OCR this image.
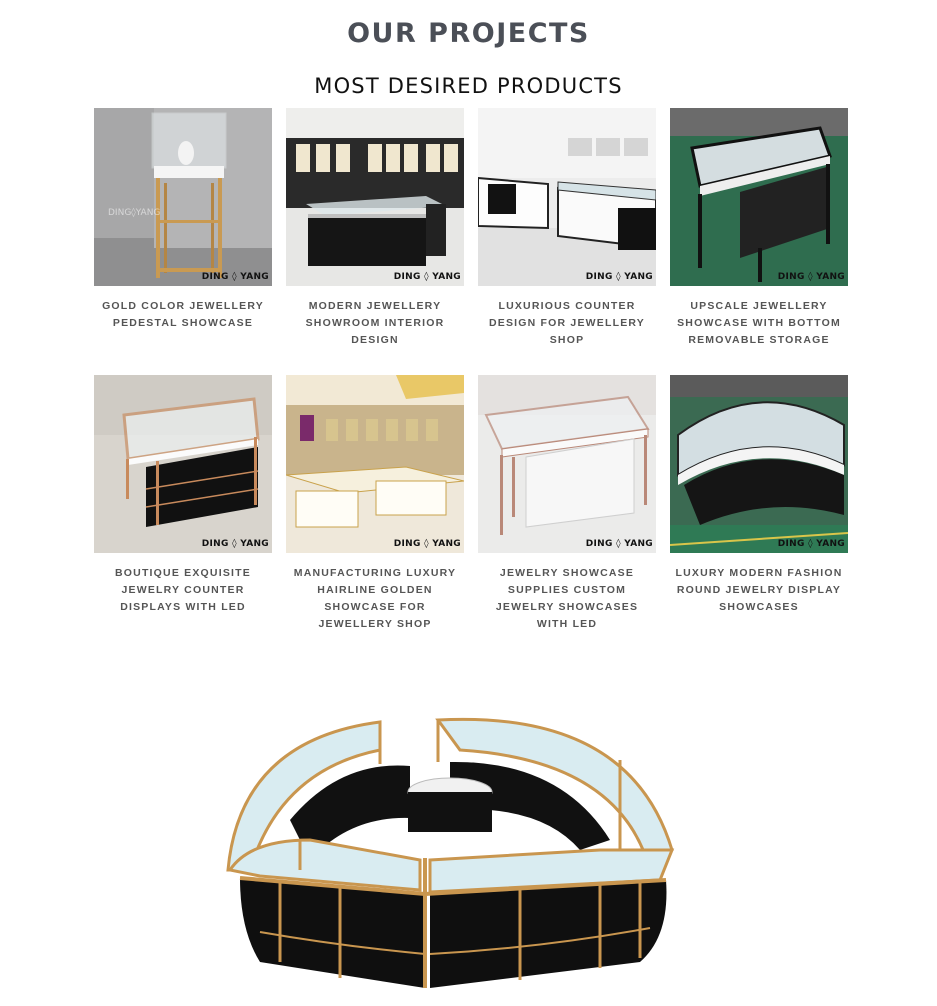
OUR PROJECTS
MOST DESIRED PRODUCTS
DING◊YANG
DING ◊ YANG
GOLD COLOR JEWELLERY PEDESTAL SHOWCASE
DING ◊ YANG
MODERN JEWELLERY SHOWROOM INTERIOR DESIGN
DING ◊ YANG
LUXURIOUS COUNTER DESIGN FOR JEWELLERY SHOP
DING ◊ YANG
UPSCALE JEWELLERY SHOWCASE WITH BOTTOM REMOVABLE STORAGE
DING ◊ YANG
BOUTIQUE EXQUISITE JEWELRY COUNTER DISPLAYS WITH LED
DING ◊ YANG
MANUFACTURING LUXURY HAIRLINE GOLDEN SHOWCASE FOR JEWELLERY SHOP
DING ◊ YANG
JEWELRY SHOWCASE SUPPLIES CUSTOM JEWELRY SHOWCASES WITH LED
DING ◊ YANG
LUXURY MODERN FASHION ROUND JEWELRY DISPLAY SHOWCASES
